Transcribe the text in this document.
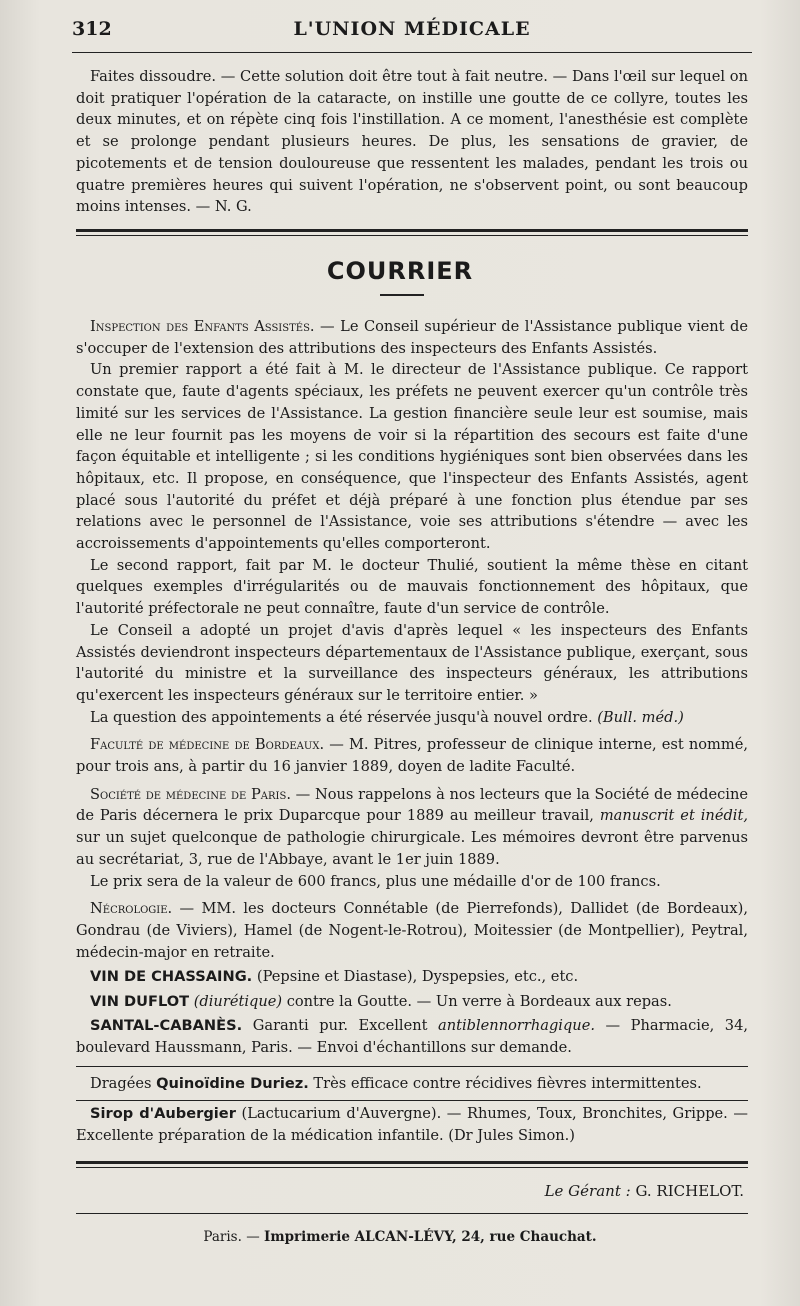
312	L'UNION MÉDICALE

Faites dissoudre. — Cette solution doit être tout à fait neutre. — Dans l'œil sur lequel on doit pratiquer l'opération de la cataracte, on instille une goutte de ce collyre, toutes les deux minutes, et on répète cinq fois l'instillation. A ce moment, l'anesthésie est complète et se prolonge pendant plusieurs heures. De plus, les sensations de gravier, de picotements et de tension douloureuse que ressentent les malades, pendant les trois ou quatre premières heures qui suivent l'opération, ne s'observent point, ou sont beaucoup moins intenses. — N. G.

COURRIER

Inspection des Enfants Assistés. — Le Conseil supérieur de l'Assistance publique vient de s'occuper de l'extension des attributions des inspecteurs des Enfants Assistés.

Un premier rapport a été fait à M. le directeur de l'Assistance publique. Ce rapport constate que, faute d'agents spéciaux, les préfets ne peuvent exercer qu'un contrôle très limité sur les services de l'Assistance. La gestion financière seule leur est soumise, mais elle ne leur fournit pas les moyens de voir si la répartition des secours est faite d'une façon équitable et intelligente ; si les conditions hygiéniques sont bien observées dans les hôpitaux, etc. Il propose, en conséquence, que l'inspecteur des Enfants Assistés, agent placé sous l'autorité du préfet et déjà préparé à une fonction plus étendue par ses relations avec le personnel de l'Assistance, voie ses attributions s'étendre — avec les accroissements d'appointements qu'elles comporteront.

Le second rapport, fait par M. le docteur Thulié, soutient la même thèse en citant quelques exemples d'irrégularités ou de mauvais fonctionnement des hôpitaux, que l'autorité préfectorale ne peut connaître, faute d'un service de contrôle.

Le Conseil a adopté un projet d'avis d'après lequel « les inspecteurs des Enfants Assistés deviendront inspecteurs départementaux de l'Assistance publique, exerçant, sous l'autorité du ministre et la surveillance des inspecteurs généraux, les attributions qu'exercent les inspecteurs généraux sur le territoire entier. »

La question des appointements a été réservée jusqu'à nouvel ordre. (Bull. méd.)

Faculté de médecine de Bordeaux. — M. Pitres, professeur de clinique interne, est nommé, pour trois ans, à partir du 16 janvier 1889, doyen de ladite Faculté.

Société de médecine de Paris. — Nous rappelons à nos lecteurs que la Société de médecine de Paris décernera le prix Duparcque pour 1889 au meilleur travail, manuscrit et inédit, sur un sujet quelconque de pathologie chirurgicale. Les mémoires devront être parvenus au secrétariat, 3, rue de l'Abbaye, avant le 1er juin 1889.

Le prix sera de la valeur de 600 francs, plus une médaille d'or de 100 francs.

Nécrologie. — MM. les docteurs Connétable (de Pierrefonds), Dallidet (de Bordeaux), Gondrau (de Viviers), Hamel (de Nogent-le-Rotrou), Moitessier (de Montpellier), Peytral, médecin-major en retraite.

VIN DE CHASSAING. (Pepsine et Diastase), Dyspepsies, etc., etc.

VIN DUFLOT (diurétique) contre la Goutte. — Un verre à Bordeaux aux repas.

SANTAL-CABANÈS. Garanti pur. Excellent antiblennorrhagique. — Pharmacie, 34, boulevard Haussmann, Paris. — Envoi d'échantillons sur demande.

Dragées Quinoïdine Duriez. Très efficace contre récidives fièvres intermittentes.

Sirop d'Aubergier (Lactucarium d'Auvergne). — Rhumes, Toux, Bronchites, Grippe. — Excellente préparation de la médication infantile. (Dr Jules Simon.)

Le Gérant : G. RICHELOT.
Paris. — Imprimerie ALCAN-LÉVY, 24, rue Chauchat.
